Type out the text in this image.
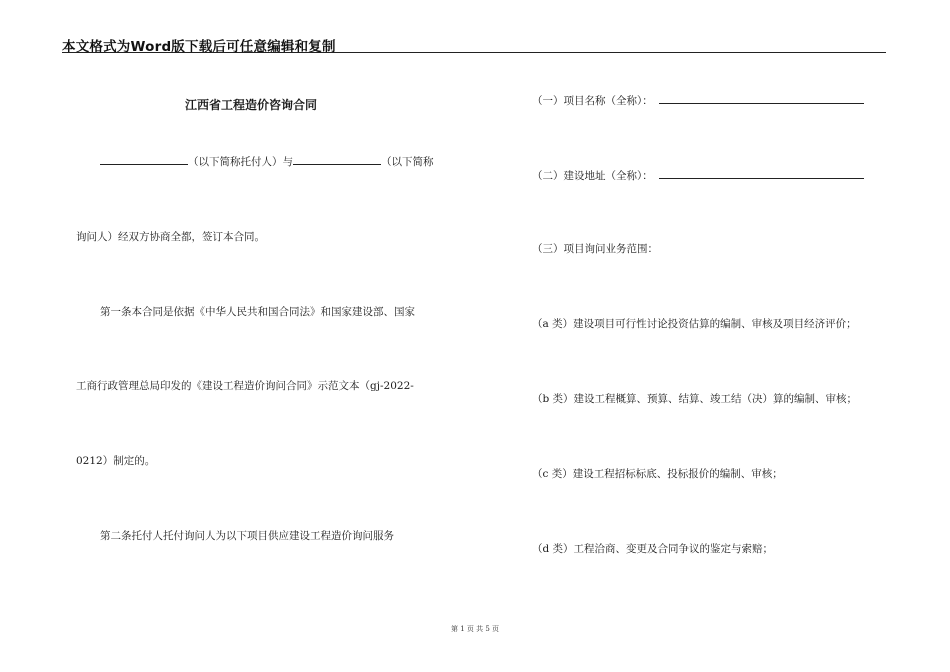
本文格式为Word版下载后可任意编辑和复制
江西省工程造价咨询合同
（以下简称托付人）与	（以下简称
询问人）经双方协商全都，签订本合同。
第一条本合同是依据《中华人民共和国合同法》和国家建设部、国家
工商行政管理总局印发的《建设工程造价询问合同》示范文本（gj-2022-
0212）制定的。
第二条托付人托付询问人为以下项目供应建设工程造价询问服务
（一）项目名称（全称）：
（二）建设地址（全称）：
（三）项目询问业务范围：
（a 类）建设项目可行性讨论投资估算的编制、审核及项目经济评价；
（b 类）建设工程概算、预算、结算、竣工结（决）算的编制、审核；
（c 类）建设工程招标标底、投标报价的编制、审核；
（d 类）工程洽商、变更及合同争议的鉴定与索赔；
第 1 页 共 5 页
